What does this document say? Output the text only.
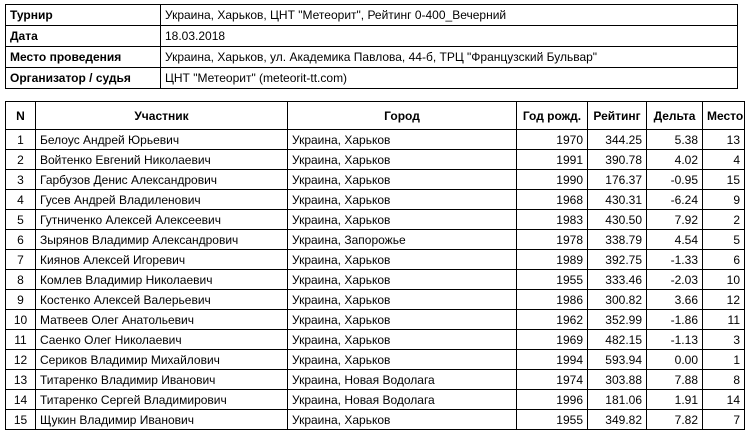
Турнир	Украина, Харьков, ЦНТ "Метеорит", Рейтинг 0-400_Вечерний
Дата	18.03.2018
Место проведения	Украина, Харьков, ул. Академика Павлова, 44-б, ТРЦ "Французский Бульвар"
Организатор / судья	ЦНТ "Метеорит" (meteorit-tt.com)
N	Участник	Город	Год рожд.	Рейтинг	Дельта	Место
1	Белоус Андрей Юрьевич	Украина, Харьков	1970	344.25	5.38	13
2	Войтенко Евгений Николаевич	Украина, Харьков	1991	390.78	4.02	4
3	Гарбузов Денис Александрович	Украина, Харьков	1990	176.37	-0.95	15
4	Гусев Андрей Владиленович	Украина, Харьков	1968	430.31	-6.24	9
5	Гутниченко Алексей Алексеевич	Украина, Харьков	1983	430.50	7.92	2
6	Зырянов Владимир Александрович	Украина, Запорожье	1978	338.79	4.54	5
7	Киянов Алексей Игоревич	Украина, Харьков	1989	392.75	-1.33	6
8	Комлев Владимир Николаевич	Украина, Харьков	1955	333.46	-2.03	10
9	Костенко Алексей Валерьевич	Украина, Харьков	1986	300.82	3.66	12
10	Матвеев Олег Анатольевич	Украина, Харьков	1962	352.99	-1.86	11
11	Саенко Олег Николаевич	Украина, Харьков	1969	482.15	-1.13	3
12	Сериков Владимир Михайлович	Украина, Харьков	1994	593.94	0.00	1
13	Титаренко Владимир Иванович	Украина, Новая Водолага	1974	303.88	7.88	8
14	Титаренко Сергей Владимирович	Украина, Новая Водолага	1996	181.06	1.91	14
15	Щукин Владимир Иванович	Украина, Харьков	1955	349.82	7.82	7
